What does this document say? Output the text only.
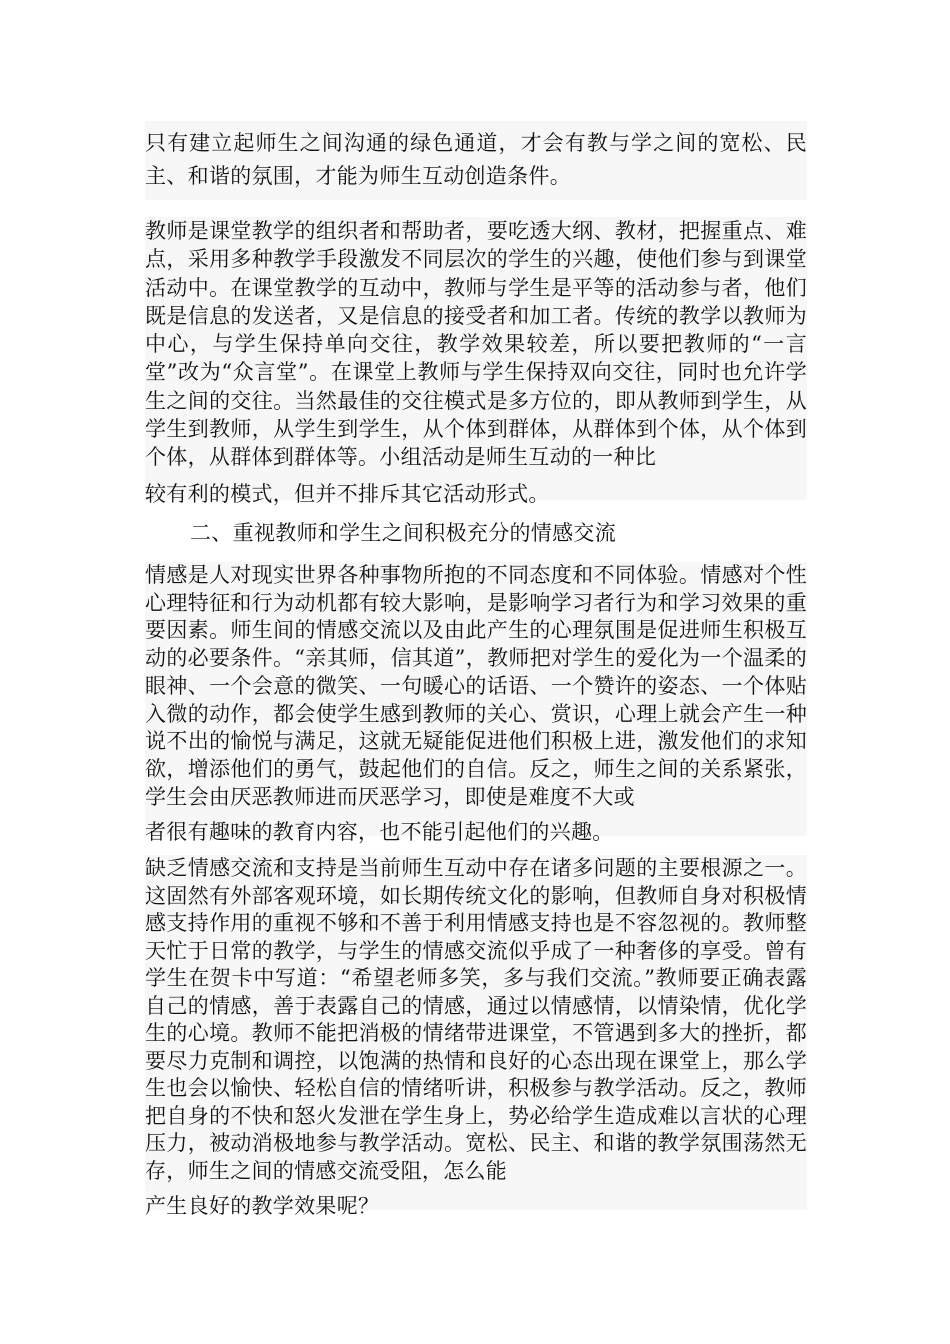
只有建立起师生之间沟通的绿色通道，才会有教与学之间的宽松、民主、和谐的氛围，才能为师生互动创造条件。

教师是课堂教学的组织者和帮助者，要吃透大纲、教材，把握重点、难点，采用多种教学手段激发不同层次的学生的兴趣，使他们参与到课堂活动中。在课堂教学的互动中，教师与学生是平等的活动参与者，他们既是信息的发送者，又是信息的接受者和加工者。传统的教学以教师为中心，与学生保持单向交往，教学效果较差，所以要把教师的“一言堂”改为“众言堂”。在课堂上教师与学生保持双向交往，同时也允许学生之间的交往。当然最佳的交往模式是多方位的，即从教师到学生，从学生到教师，从学生到学生，从个体到群体，从群体到个体，从个体到个体，从群体到群体等。小组活动是师生互动的一种比
较有利的模式，但并不排斥其它活动形式。

二、重视教师和学生之间积极充分的情感交流

情感是人对现实世界各种事物所抱的不同态度和不同体验。情感对个性心理特征和行为动机都有较大影响，是影响学习者行为和学习效果的重要因素。师生间的情感交流以及由此产生的心理氛围是促进师生积极互动的必要条件。“亲其师，信其道”，教师把对学生的爱化为一个温柔的眼神、一个会意的微笑、一句暖心的话语、一个赞许的姿态、一个体贴入微的动作，都会使学生感到教师的关心、赏识，心理上就会产生一种说不出的愉悦与满足，这就无疑能促进他们积极上进，激发他们的求知欲，增添他们的勇气，鼓起他们的自信。反之，师生之间的关系紧张，学生会由厌恶教师进而厌恶学习，即使是难度不大或
者很有趣味的教育内容，也不能引起他们的兴趣。

缺乏情感交流和支持是当前师生互动中存在诸多问题的主要根源之一。这固然有外部客观环境，如长期传统文化的影响，但教师自身对积极情感支持作用的重视不够和不善于利用情感支持也是不容忽视的。教师整天忙于日常的教学，与学生的情感交流似乎成了一种奢侈的享受。曾有学生在贺卡中写道：“希望老师多笑，多与我们交流。”教师要正确表露自己的情感，善于表露自己的情感，通过以情感情，以情染情，优化学生的心境。教师不能把消极的情绪带进课堂，不管遇到多大的挫折，都要尽力克制和调控，以饱满的热情和良好的心态出现在课堂上，那么学生也会以愉快、轻松自信的情绪听讲，积极参与教学活动。反之，教师把自身的不快和怒火发泄在学生身上，势必给学生造成难以言状的心理压力，被动消极地参与教学活动。宽松、民主、和谐的教学氛围荡然无存，师生之间的情感交流受阻，怎么能
产生良好的教学效果呢？
